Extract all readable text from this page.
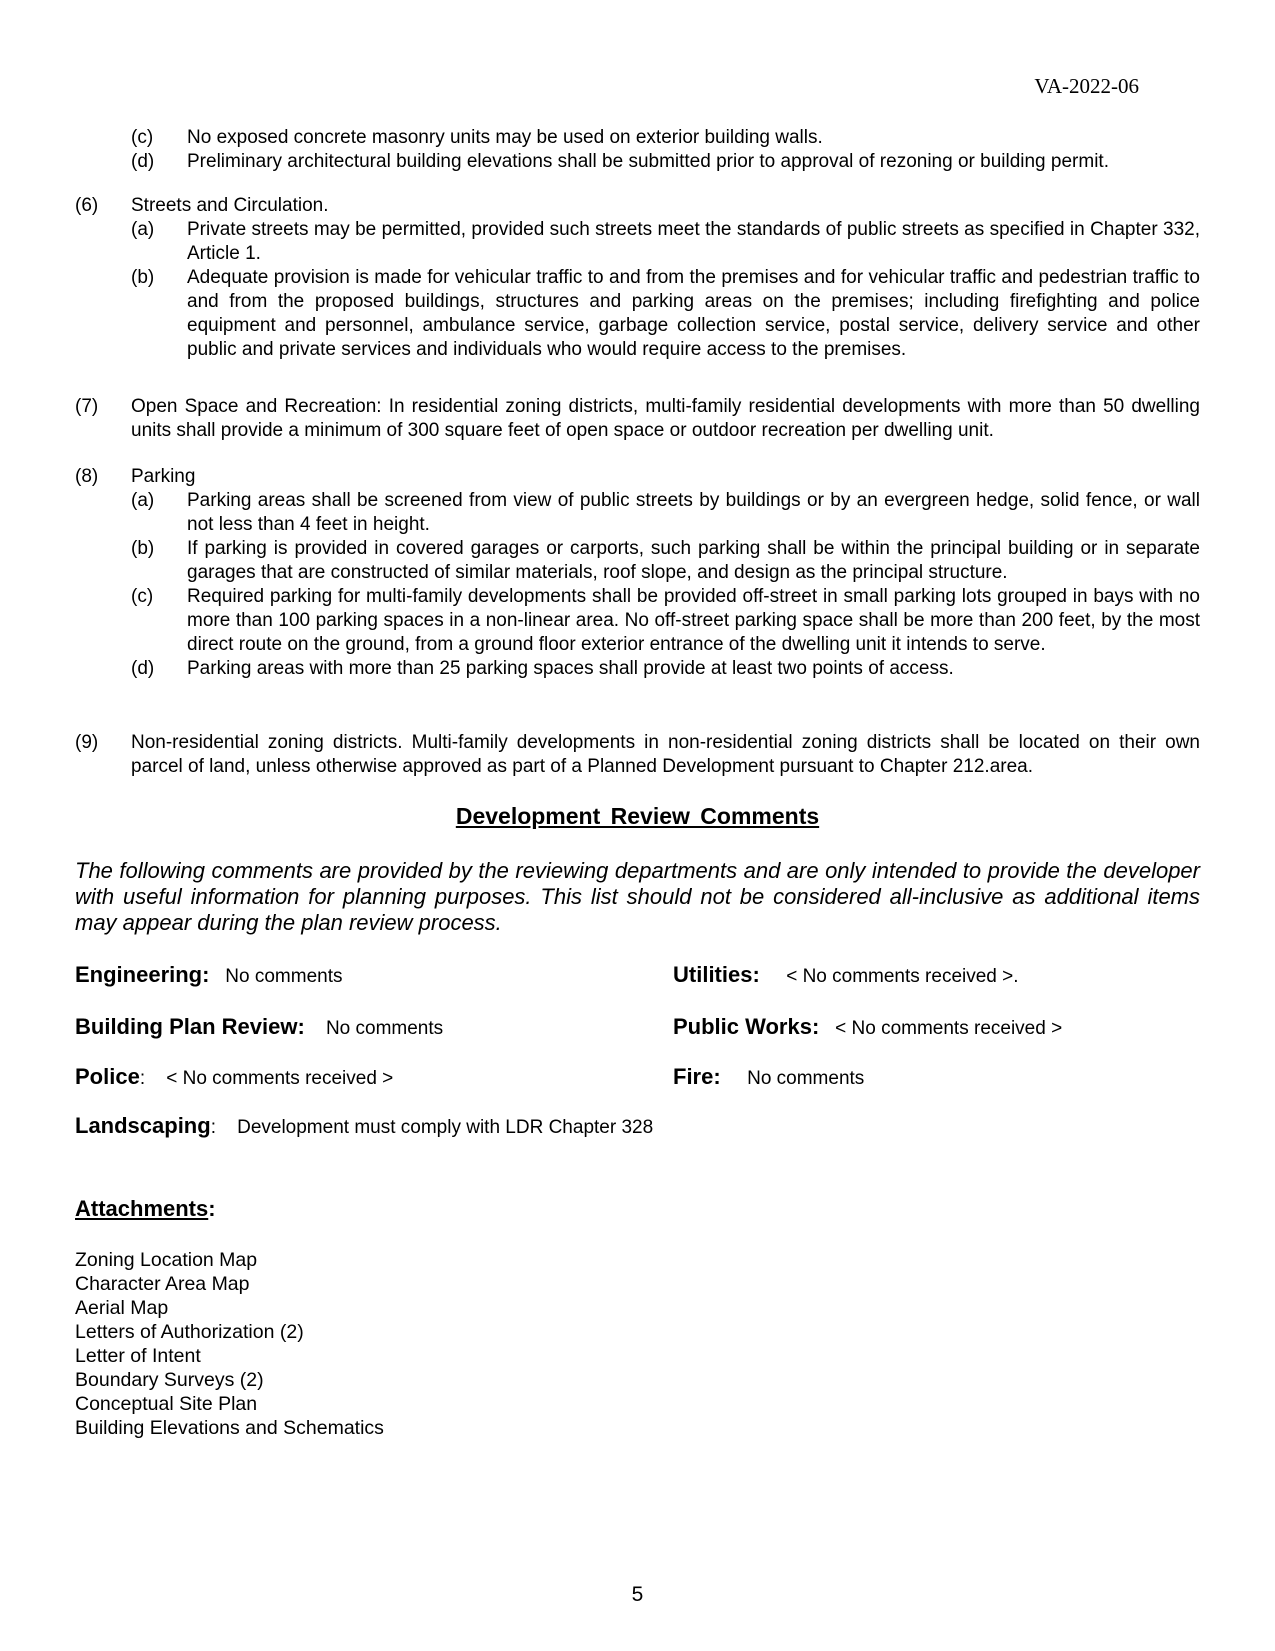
VA-2022-06
(c)	No exposed concrete masonry units may be used on exterior building walls.
(d)	Preliminary architectural building elevations shall be submitted prior to approval of rezoning or building permit.
(6)	Streets and Circulation.
(a)	Private streets may be permitted, provided such streets meet the standards of public streets as specified in Chapter 332, Article 1.
(b)	Adequate provision is made for vehicular traffic to and from the premises and for vehicular traffic and pedestrian traffic to and from the proposed buildings, structures and parking areas on the premises; including firefighting and police equipment and personnel, ambulance service, garbage collection service, postal service, delivery service and other public and private services and individuals who would require access to the premises.
(7)	Open Space and Recreation: In residential zoning districts, multi-family residential developments with more than 50 dwelling units shall provide a minimum of 300 square feet of open space or outdoor recreation per dwelling unit.
(8)	Parking
(a)	Parking areas shall be screened from view of public streets by buildings or by an evergreen hedge, solid fence, or wall not less than 4 feet in height.
(b)	If parking is provided in covered garages or carports, such parking shall be within the principal building or in separate garages that are constructed of similar materials, roof slope, and design as the principal structure.
(c)	Required parking for multi-family developments shall be provided off-street in small parking lots grouped in bays with no more than 100 parking spaces in a non-linear area. No off-street parking space shall be more than 200 feet, by the most direct route on the ground, from a ground floor exterior entrance of the dwelling unit it intends to serve.
(d)	Parking areas with more than 25 parking spaces shall provide at least two points of access.
(9)	Non-residential zoning districts. Multi-family developments in non-residential zoning districts shall be located on their own parcel of land, unless otherwise approved as part of a Planned Development pursuant to Chapter 212.area.
Development Review Comments
The following comments are provided by the reviewing departments and are only intended to provide the developer with useful information for planning purposes. This list should not be considered all-inclusive as additional items may appear during the plan review process.
Engineering: No comments	Utilities: < No comments received >.
Building Plan Review: No comments	Public Works: < No comments received >
Police: < No comments received >	Fire: No comments
Landscaping: Development must comply with LDR Chapter 328
Attachments:
Zoning Location Map
Character Area Map
Aerial Map
Letters of Authorization (2)
Letter of Intent
Boundary Surveys (2)
Conceptual Site Plan
Building Elevations and Schematics
5
